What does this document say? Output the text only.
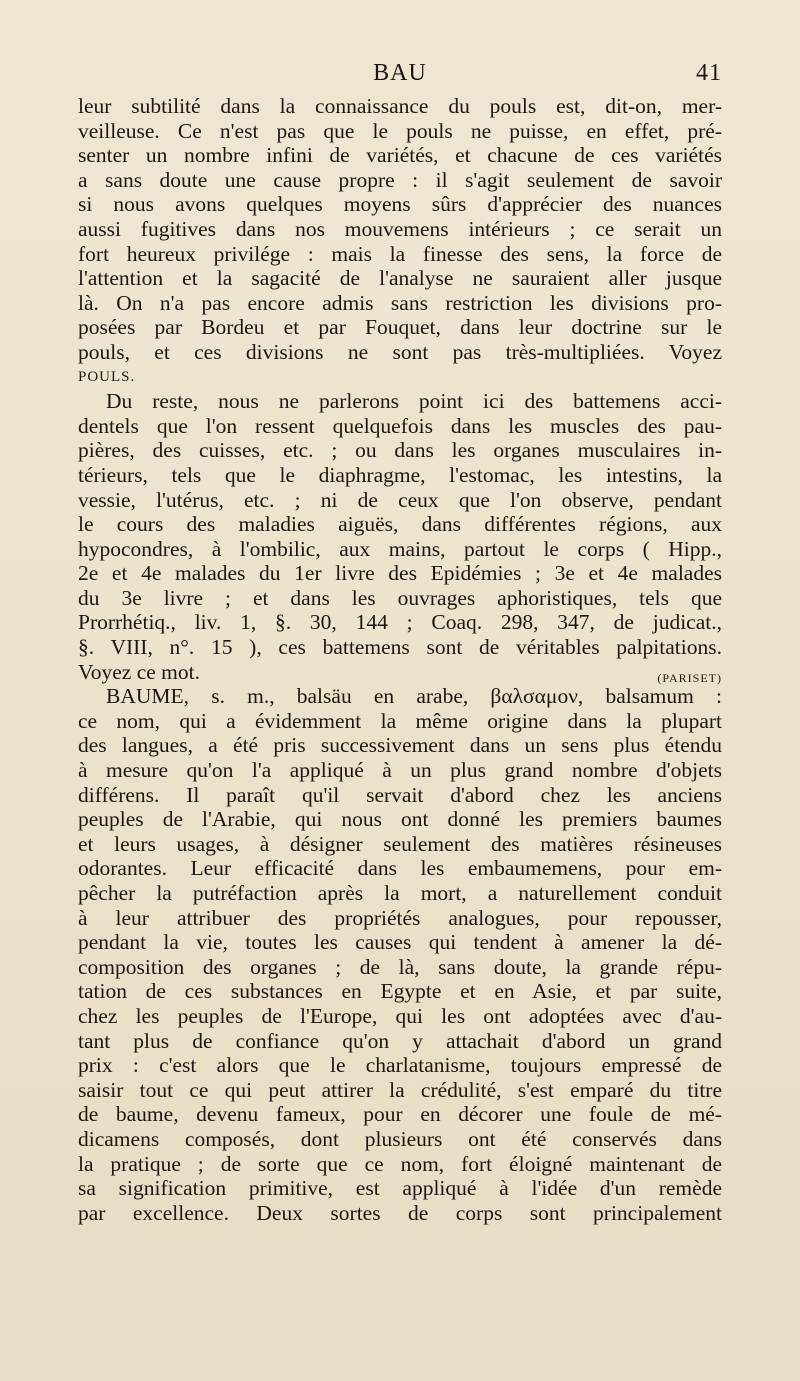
BAU	41
leur subtilité dans la connaissance du pouls est, dit-on, mer-
veilleuse. Ce n'est pas que le pouls ne puisse, en effet, pré-
senter un nombre infini de variétés, et chacune de ces variétés
a sans doute une cause propre : il s'agit seulement de savoir
si nous avons quelques moyens sûrs d'apprécier des nuances
aussi fugitives dans nos mouvemens intérieurs ; ce serait un
fort heureux privilége : mais la finesse des sens, la force de
l'attention et la sagacité de l'analyse ne sauraient aller jusque
là. On n'a pas encore admis sans restriction les divisions pro-
posées par Bordeu et par Fouquet, dans leur doctrine sur le
pouls, et ces divisions ne sont pas très-multipliées. Voyez
POULS.
Du reste, nous ne parlerons point ici des battemens acci-
dentels que l'on ressent quelquefois dans les muscles des pau-
pières, des cuisses, etc. ; ou dans les organes musculaires in-
térieurs, tels que le diaphragme, l'estomac, les intestins, la
vessie, l'utérus, etc. ; ni de ceux que l'on observe, pendant
le cours des maladies aiguës, dans différentes régions, aux
hypocondres, à l'ombilic, aux mains, partout le corps ( Hipp.,
2e et 4e malades du 1er livre des Epidémies ; 3e et 4e malades
du 3e livre ; et dans les ouvrages aphoristiques, tels que
Prorrhétiq., liv. 1, §. 30, 144 ; Coaq. 298, 347, de judicat.,
§. VIII, n°. 15 ), ces battemens sont de véritables palpitations.
Voyez ce mot.	(PARISET)
BAUME, s. m., balsäu en arabe, βαλσαμον, balsamum :
ce nom, qui a évidemment la même origine dans la plupart
des langues, a été pris successivement dans un sens plus étendu
à mesure qu'on l'a appliqué à un plus grand nombre d'objets
différens. Il paraît qu'il servait d'abord chez les anciens
peuples de l'Arabie, qui nous ont donné les premiers baumes
et leurs usages, à désigner seulement des matières résineuses
odorantes. Leur efficacité dans les embaumemens, pour em-
pêcher la putréfaction après la mort, a naturellement conduit
à leur attribuer des propriétés analogues, pour repousser,
pendant la vie, toutes les causes qui tendent à amener la dé-
composition des organes ; de là, sans doute, la grande répu-
tation de ces substances en Egypte et en Asie, et par suite,
chez les peuples de l'Europe, qui les ont adoptées avec d'au-
tant plus de confiance qu'on y attachait d'abord un grand
prix : c'est alors que le charlatanisme, toujours empressé de
saisir tout ce qui peut attirer la crédulité, s'est emparé du titre
de baume, devenu fameux, pour en décorer une foule de mé-
dicamens composés, dont plusieurs ont été conservés dans
la pratique ; de sorte que ce nom, fort éloigné maintenant de
sa signification primitive, est appliqué à l'idée d'un remède
par excellence. Deux sortes de corps sont principalement
